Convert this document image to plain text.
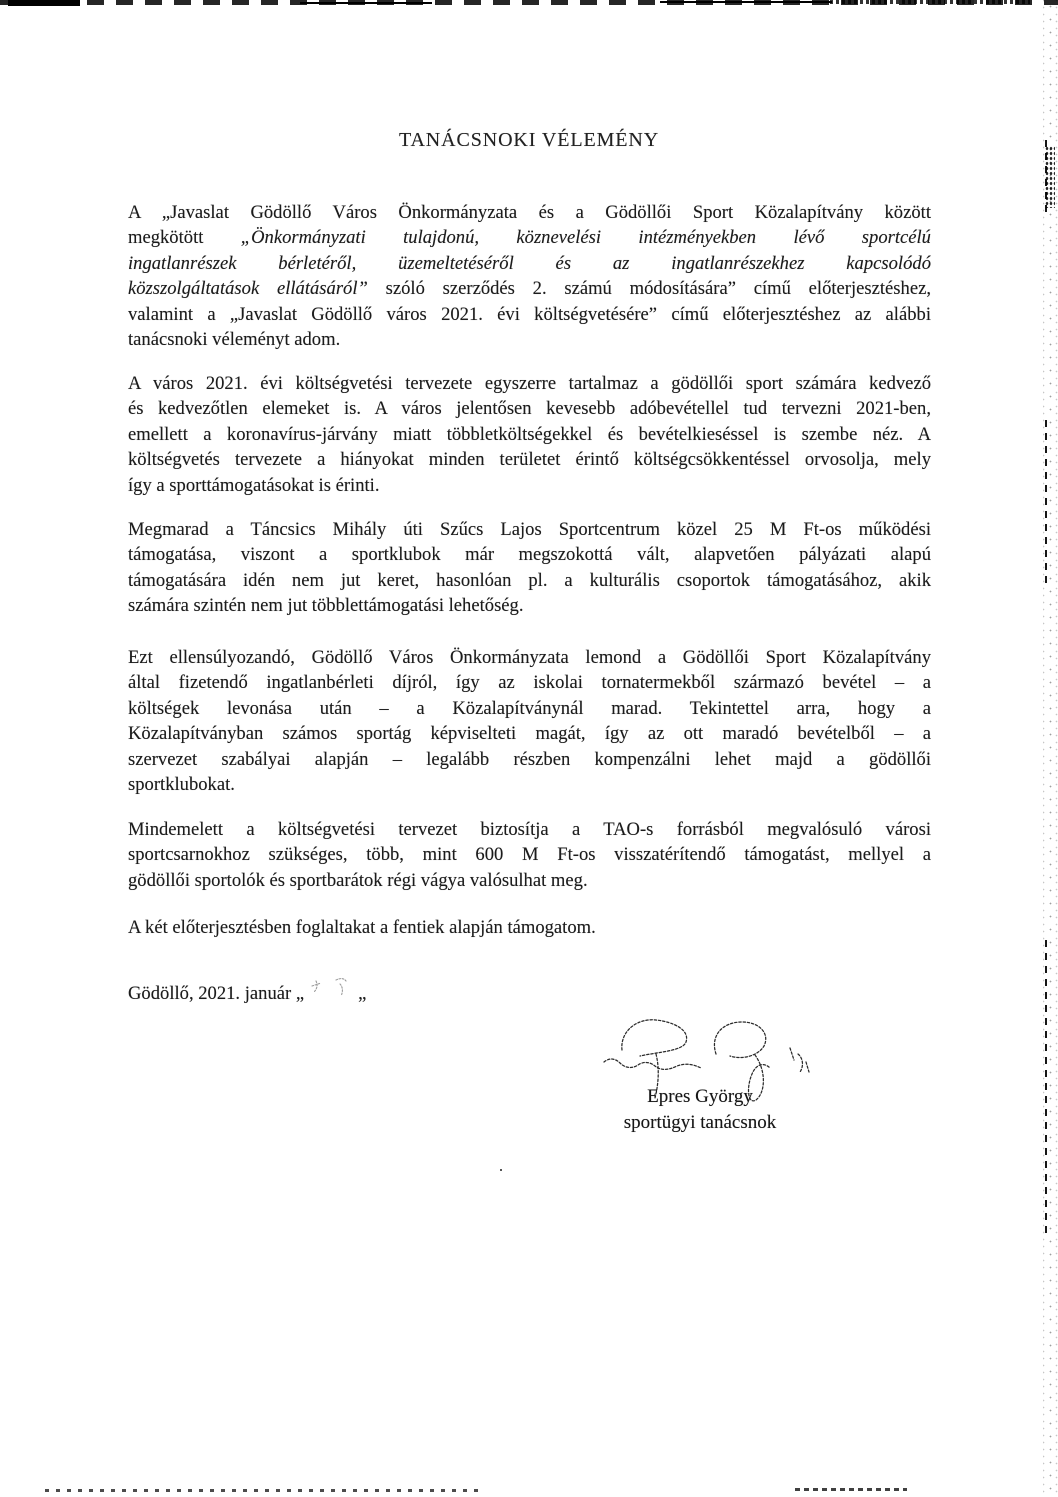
TANÁCSNOKI VÉLEMÉNY
A „Javaslat Gödöllő Város Önkormányzata és a Gödöllői Sport Közalapítvány között
megkötött „Önkormányzati tulajdonú, köznevelési intézményekben lévő sportcélú
ingatlanrészek bérletéről, üzemeltetéséről és az ingatlanrészekhez kapcsolódó
közszolgáltatások ellátásáról” szóló szerződés 2. számú módosítására” című előterjesztéshez,
valamint a „Javaslat Gödöllő város 2021. évi költségvetésére” című előterjesztéshez az alábbi
tanácsnoki véleményt adom.
A város 2021. évi költségvetési tervezete egyszerre tartalmaz a gödöllői sport számára kedvező
és kedvezőtlen elemeket is. A város jelentősen kevesebb adóbevétellel tud tervezni 2021-ben,
emellett a koronavírus-járvány miatt többletköltségekkel és bevételkieséssel is szembe néz. A
költségvetés tervezete a hiányokat minden területet érintő költségcsökkentéssel orvosolja, mely
így a sporttámogatásokat is érinti.
Megmarad a Táncsics Mihály úti Szűcs Lajos Sportcentrum közel 25 M Ft-os működési
támogatása, viszont a sportklubok már megszokottá vált, alapvetően pályázati alapú
támogatására idén nem jut keret, hasonlóan pl. a kulturális csoportok támogatásához, akik
számára szintén nem jut többlettámogatási lehetőség.
Ezt ellensúlyozandó, Gödöllő Város Önkormányzata lemond a Gödöllői Sport Közalapítvány
által fizetendő ingatlanbérleti díjról, így az iskolai tornatermekből származó bevétel – a
költségek levonása után – a Közalapítványnál marad. Tekintettel arra, hogy a
Közalapítványban számos sportág képviselteti magát, így az ott maradó bevételből – a
szervezet szabályai alapján – legalább részben kompenzálni lehet majd a gödöllői
sportklubokat.
Mindemelett a költségvetési tervezet biztosítja a TAO-s forrásból megvalósuló városi
sportcsarnokhoz szükséges, több, mint 600 M Ft-os visszatérítendő támogatást, mellyel a
gödöllői sportolók és sportbarátok régi vágya valósulhat meg.
A két előterjesztésben foglaltakat a fentiek alapján támogatom.
Gödöllő, 2021. január „	„
Epres György
sportügyi tanácsnok
